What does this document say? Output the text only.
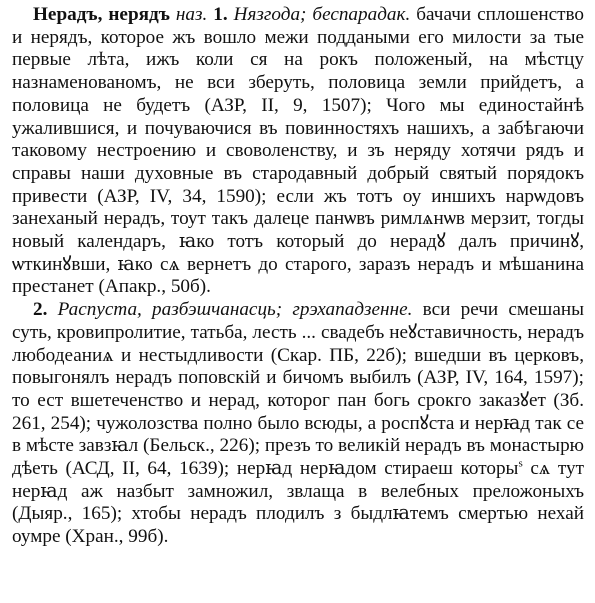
Нерадъ, нерядъ наз. 1. Нязгода; беспарадак. бачачи сплошенство и нерядъ, которое жъ вошло межи поддаными его милости за тые первые лѣта, ижъ коли ся на рокъ положеный, на мѣстцу назнаменованомъ, не вси зберуть, половица земли прийдетъ, а половица не будетъ (АЗР, II, 9, 1507); Чого мы единостайнѣ ужалившися, и почуваючися въ повинностяхъ нашихъ, а забѣгаючи таковому нестроению и своволенству, и зъ неряду хотячи рядъ и справы наши духовные въ стародавный добрый святый порядокъ привести (АЗР, IV, 34, 1590); если жъ тотъ оу иншихъ нарѡдовъ занеханый нерадъ, тоут такъ далеце панѡвъ римлѧнѡв мерзит, тогды новый календаръ, ꙗко тотъ который до нерадꙋ далъ причинꙋ, ѡткинꙋвши, ꙗко сѧ вернетъ до старого, заразъ нерадъ и мѣшанина престанет (Апакр., 50б).

2. Распуста, разбэшчанасць; грэхападзенне. вси речи смешаны суть, кровипролитие, татьба, лесть ... свадебъ неꙋставичность, нерадъ любодеаниѧ и нестыдливости (Скар. ПБ, 22б); вшедши въ церковъ, повыгонялъ нерадъ поповскій и бичомъ выбилъ (АЗР, IV, 164, 1597); то ест вшетеченство и нерад, которог пан богь срокго заказꙋет (Зб. 261, 254); чужолозства полно было всюды, а роспꙋста и нерꙗд так се в мѣсте завзꙗл (Бельск., 226); презъ то великій нерадъ въ монастырю дѣеть (АСД, II, 64, 1639); нерꙗд нерꙗдом стираеш которы$^s$ сѧ тут нерꙗд аж назбыт замножил, звлаща в велебных преложоныхъ (Дыяр., 165); хтобы нерадъ плодилъ з быдлꙗтемъ смертью нехай оумре (Хран., 99б).
